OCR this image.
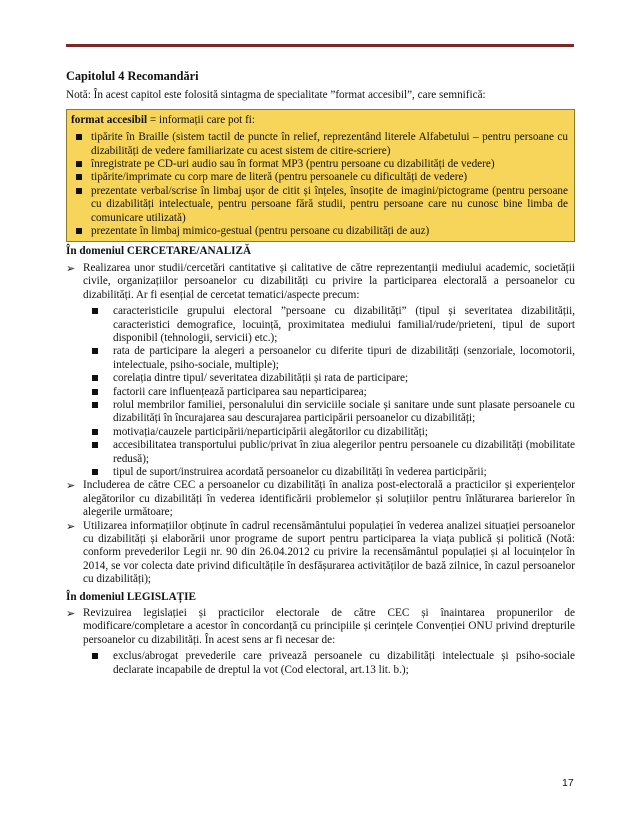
Capitolul 4 Recomandări
Notă: În acest capitol este folosită sintagma de specialitate ”format accesibil”, care semnifică:
format accesibil = informații care pot fi:
tipărite în Braille (sistem tactil de puncte în relief, reprezentând literele Alfabetului – pentru persoane cu dizabilități de vedere familiarizate cu acest sistem de citire-scriere)
înregistrate pe CD-uri audio sau în format MP3 (pentru persoane cu dizabilități de vedere)
tipărite/imprimate cu corp mare de literă (pentru persoanele cu dificultăți de vedere)
prezentate verbal/scrise în limbaj ușor de citit și înțeles, însoțite de imagini/pictograme (pentru persoane cu dizabilități intelectuale, pentru persoane fără studii, pentru persoane care nu cunosc bine limba de comunicare utilizată)
prezentate în limbaj mimico-gestual (pentru persoane cu dizabilități de auz)
În domeniul CERCETARE/ANALIZĂ
➢ Realizarea unor studii/cercetări cantitative și calitative de către reprezentanții mediului academic, societății civile, organizațiilor persoanelor cu dizabilități cu privire la participarea electorală a persoanelor cu dizabilități. Ar fi esențial de cercetat tematici/aspecte precum:
caracteristicile grupului electoral ”persoane cu dizabilități” (tipul și severitatea dizabilității, caracteristici demografice, locuință, proximitatea mediului familial/rude/prieteni, tipul de suport disponibil (tehnologii, servicii) etc.);
rata de participare la alegeri a persoanelor cu diferite tipuri de dizabilități (senzoriale, locomotorii, intelectuale, psiho-sociale, multiple);
corelația dintre tipul/ severitatea dizabilității și rata de participare;
factorii care influențează participarea sau neparticiparea;
rolul membrilor familiei, personalului din serviciile sociale și sanitare unde sunt plasate persoanele cu dizabilități în încurajarea sau descurajarea participării persoanelor cu dizabilități;
motivația/cauzele participării/neparticipării alegătorilor cu dizabilități;
accesibilitatea transportului public/privat în ziua alegerilor pentru persoanele cu dizabilități (mobilitate redusă);
tipul de suport/instruirea acordată persoanelor cu dizabilități în vederea participării;
➢ Includerea de către CEC a persoanelor cu dizabilități în analiza post-electorală a practicilor și experiențelor alegătorilor cu dizabilități în vederea identificării problemelor și soluțiilor pentru înlăturarea barierelor în alegerile următoare;
➢ Utilizarea informațiilor obținute în cadrul recensământului populației în vederea analizei situației persoanelor cu dizabilități și elaborării unor programe de suport pentru participarea la viața publică și politică (Notă: conform prevederilor Legii nr. 90 din 26.04.2012 cu privire la recensământul populației și al locuințelor în 2014, se vor colecta date privind dificultățile în desfășurarea activităților de bază zilnice, în cazul persoanelor cu dizabilități);
În domeniul LEGISLAȚIE
➢ Revizuirea legislației și practicilor electorale de către CEC și înaintarea propunerilor de modificare/completare a acestor în concordanță cu principiile și cerințele Convenției ONU privind drepturile persoanelor cu dizabilități. În acest sens ar fi necesar de:
exclus/abrogat prevederile care privează persoanele cu dizabilități intelectuale și psiho-sociale declarate incapabile de dreptul la vot (Cod electoral, art.13 lit. b.);
17
